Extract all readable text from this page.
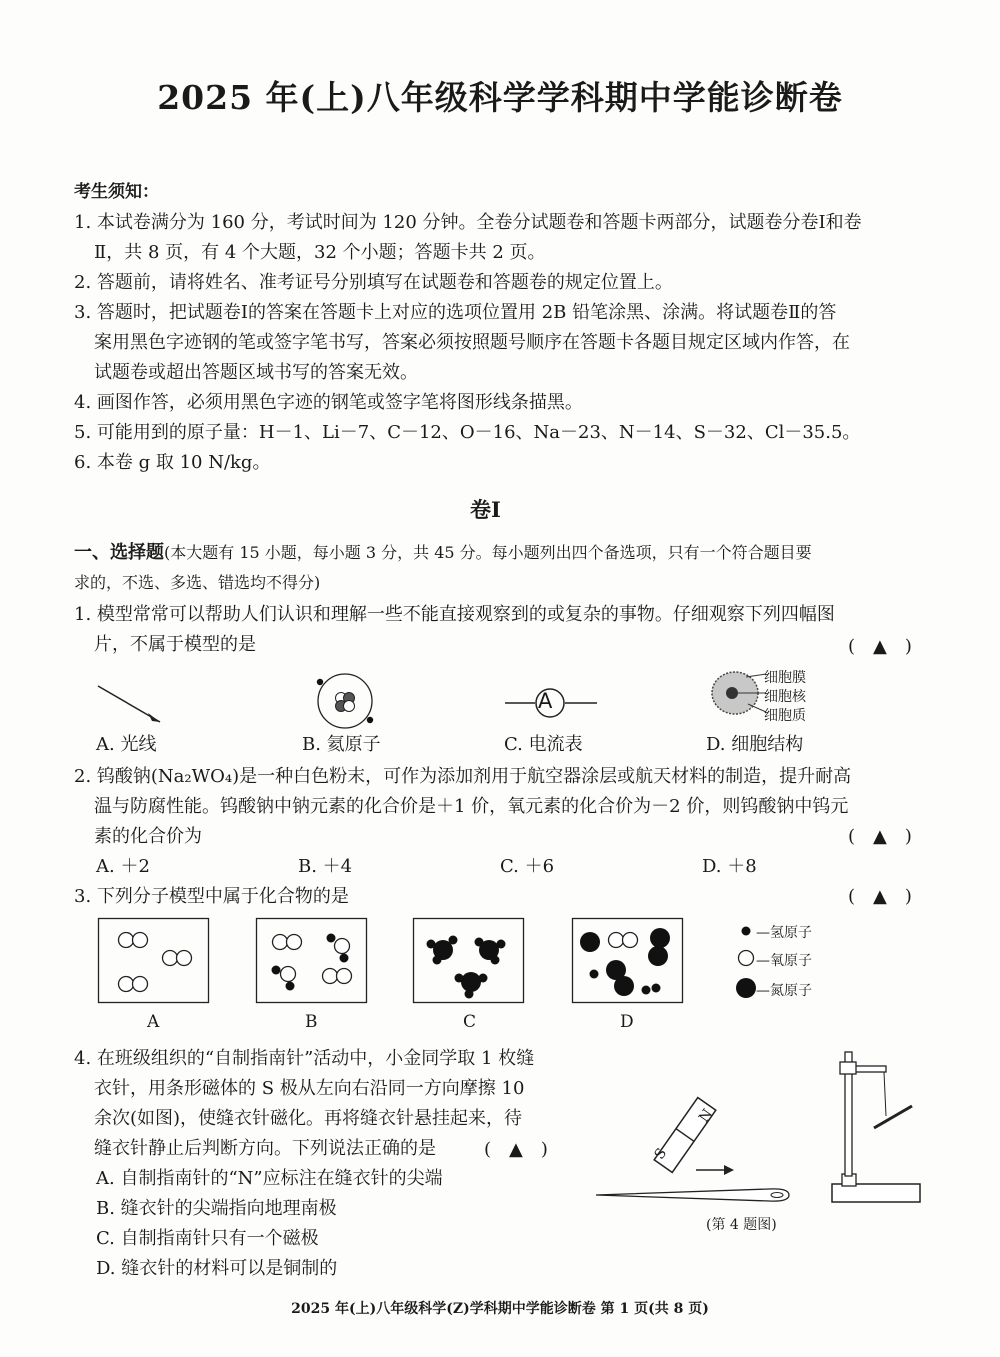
2025 年(上)八年级科学学科期中学能诊断卷
考生须知：
1. 本试卷满分为 160 分，考试时间为 120 分钟。全卷分试题卷和答题卡两部分，试题卷分卷Ⅰ和卷
Ⅱ，共 8 页，有 4 个大题，32 个小题；答题卡共 2 页。
2. 答题前，请将姓名、准考证号分别填写在试题卷和答题卷的规定位置上。
3. 答题时，把试题卷Ⅰ的答案在答题卡上对应的选项位置用 2B 铅笔涂黑、涂满。将试题卷Ⅱ的答
案用黑色字迹钢的笔或签字笔书写，答案必须按照题号顺序在答题卡各题目规定区域内作答，在
试题卷或超出答题区域书写的答案无效。
4. 画图作答，必须用黑色字迹的钢笔或签字笔将图形线条描黑。
5. 可能用到的原子量：H－1、Li－7、C－12、O－16、Na－23、N－14、S－32、Cl－35.5。
6. 本卷 g 取 10 N/kg。
卷Ⅰ
一、选择题(本大题有 15 小题，每小题 3 分，共 45 分。每小题列出四个备选项，只有一个符合题目要
求的，不选、多选、错选均不得分)
1. 模型常常可以帮助人们认识和理解一些不能直接观察到的或复杂的事物。仔细观察下列四幅图
片，不属于模型的是	(　▲　)
A
细胞膜
细胞核
细胞质
A. 光线	B. 氦原子	C. 电流表	D. 细胞结构
2. 钨酸钠(Na₂WO₄)是一种白色粉末，可作为添加剂用于航空器涂层或航天材料的制造，提升耐高
温与防腐性能。钨酸钠中钠元素的化合价是＋1 价，氧元素的化合价为－2 价，则钨酸钠中钨元
素的化合价为	(　▲　)
A. ＋2	B. ＋4	C. ＋6	D. ＋8
3. 下列分子模型中属于化合物的是	(　▲　)
A	B	C	D
—氢原子
—氧原子
—氮原子
4. 在班级组织的“自制指南针”活动中，小金同学取 1 枚缝
衣针，用条形磁体的 S 极从左向右沿同一方向摩擦 10
余次(如图)，使缝衣针磁化。再将缝衣针悬挂起来，待
缝衣针静止后判断方向。下列说法正确的是	(　▲　)
A. 自制指南针的“N”应标注在缝衣针的尖端
B. 缝衣针的尖端指向地理南极
C. 自制指南针只有一个磁极
D. 缝衣针的材料可以是铜制的
S
N
(第 4 题图)
2025 年(上)八年级科学(Z)学科期中学能诊断卷 第 1 页(共 8 页)
